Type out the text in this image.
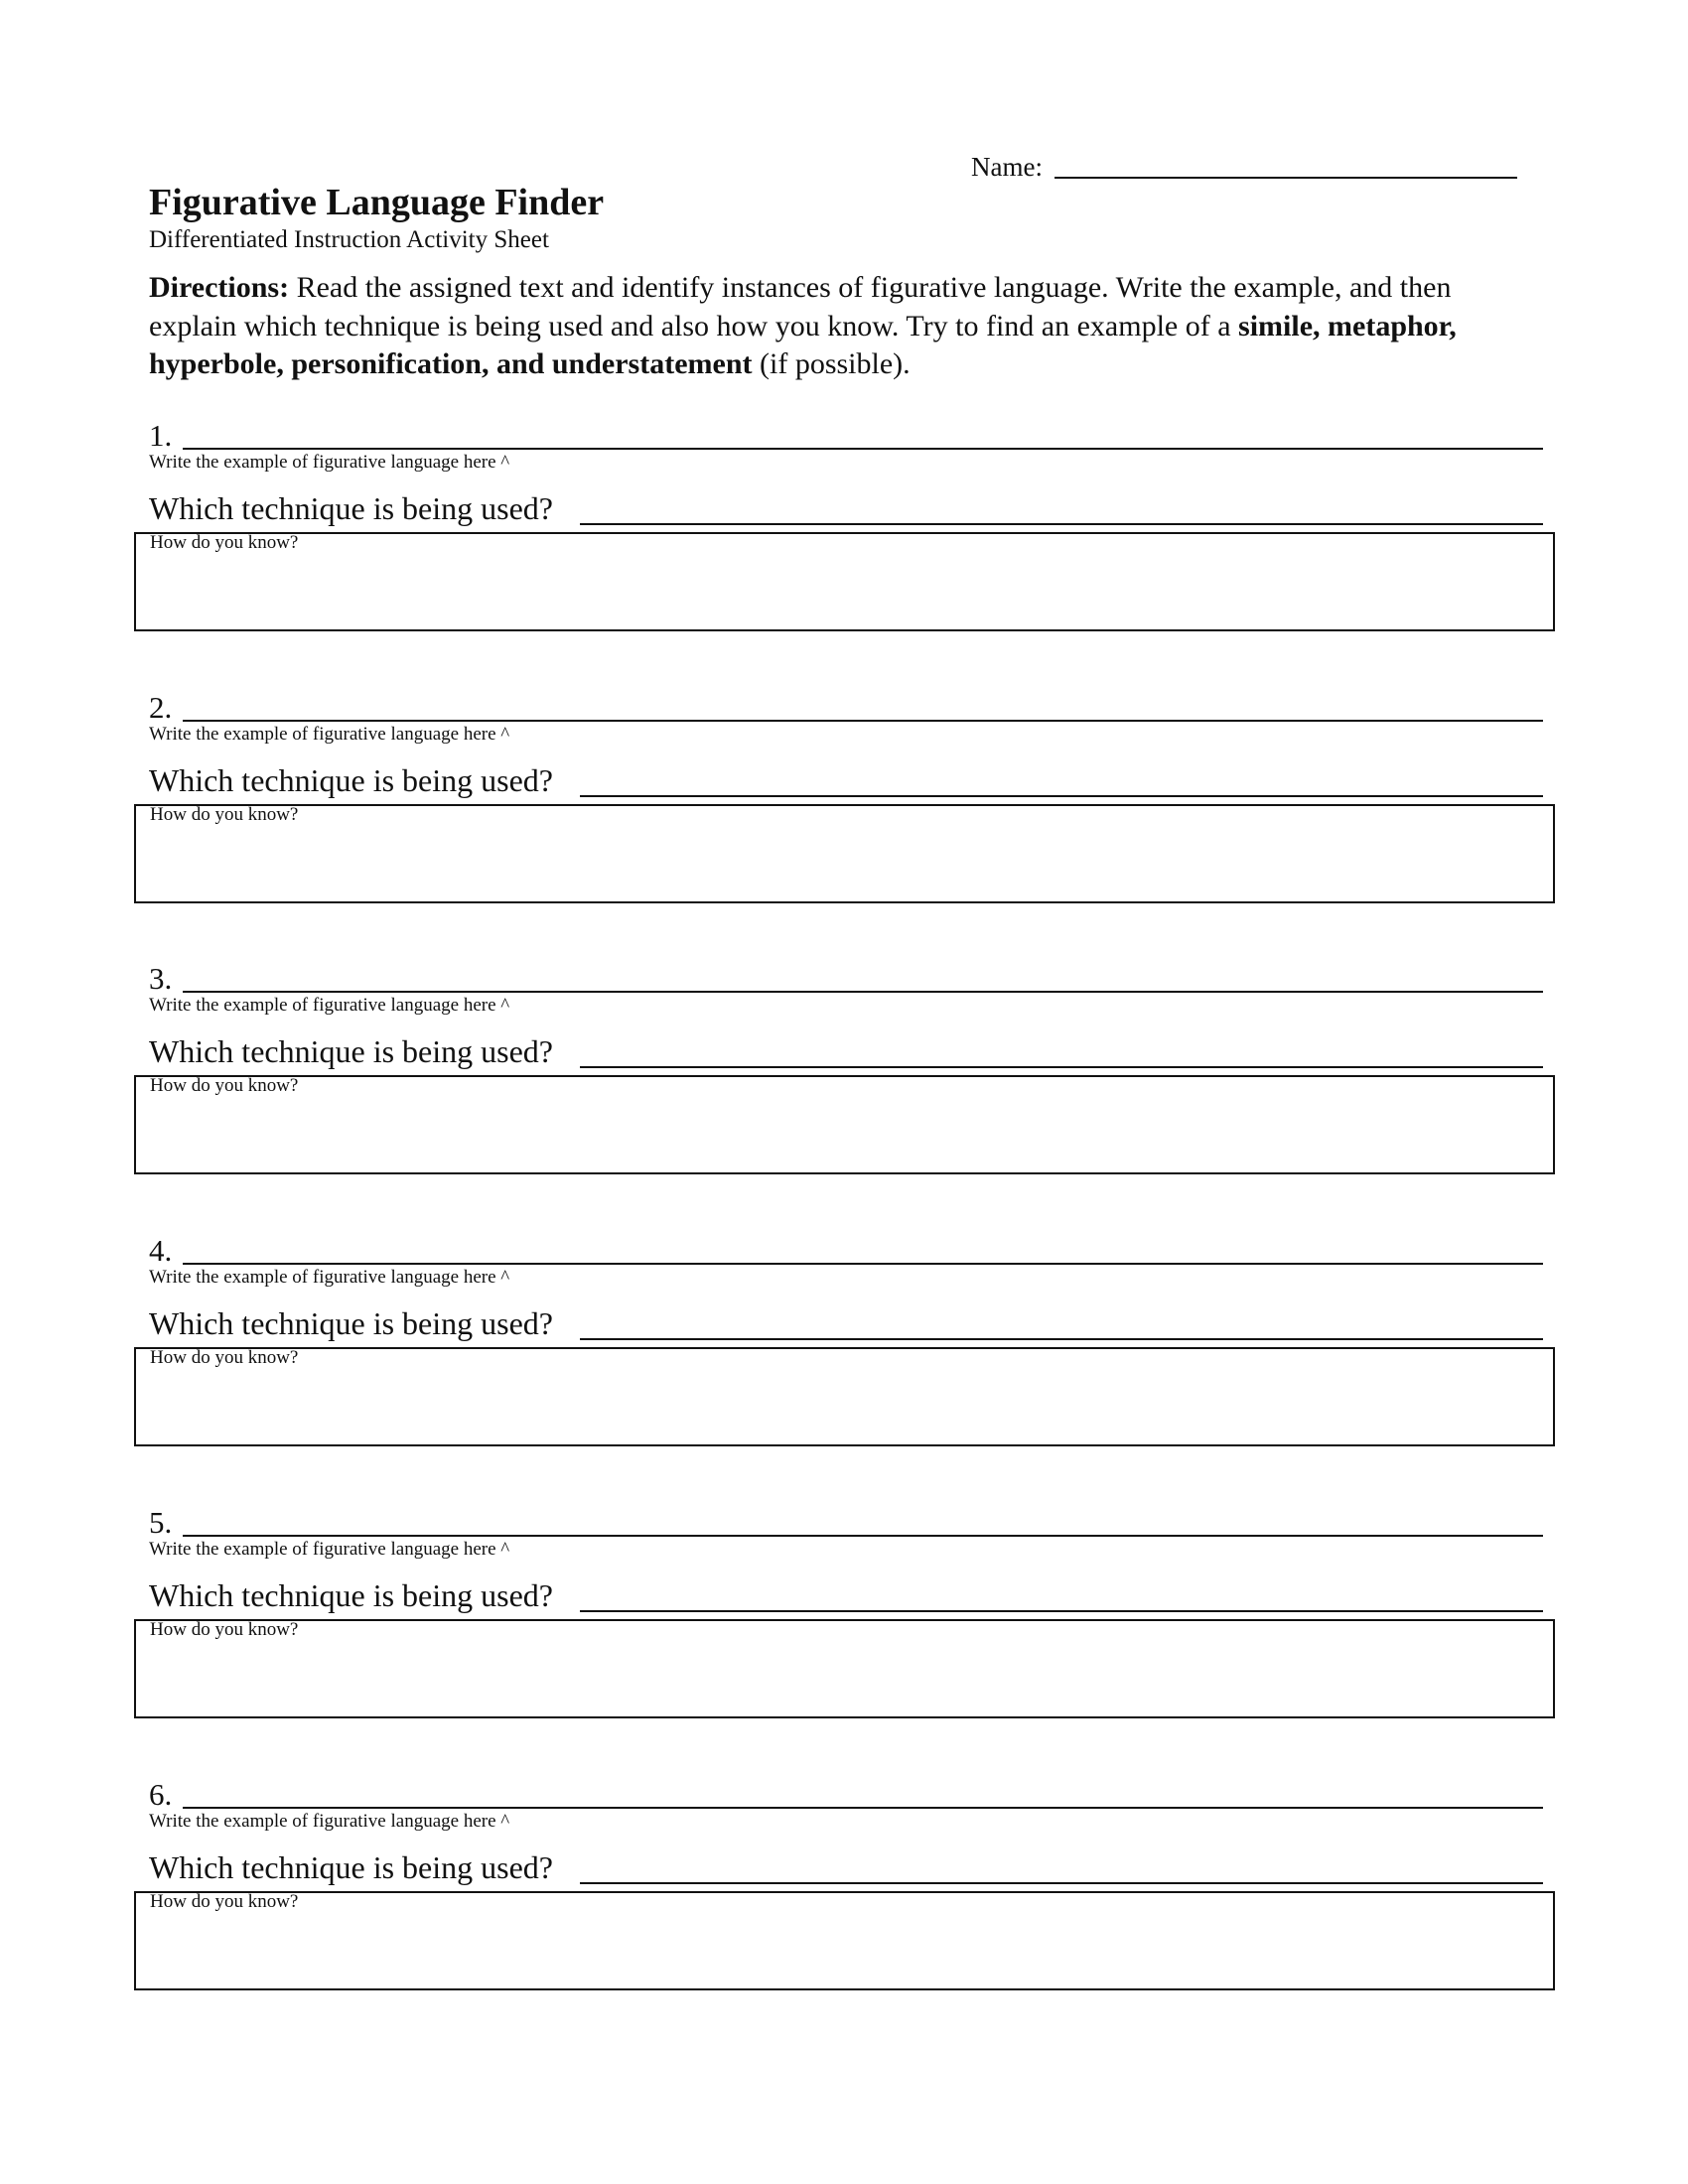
Name:
Figurative Language Finder
Differentiated Instruction Activity Sheet
Directions: Read the assigned text and identify instances of figurative language. Write the example, and then explain which technique is being used and also how you know. Try to find an example of a simile, metaphor, hyperbole, personification, and understatement (if possible).
1.
Write the example of figurative language here ^
Which technique is being used?
How do you know?
2.
Write the example of figurative language here ^
Which technique is being used?
How do you know?
3.
Write the example of figurative language here ^
Which technique is being used?
How do you know?
4.
Write the example of figurative language here ^
Which technique is being used?
How do you know?
5.
Write the example of figurative language here ^
Which technique is being used?
How do you know?
6.
Write the example of figurative language here ^
Which technique is being used?
How do you know?
